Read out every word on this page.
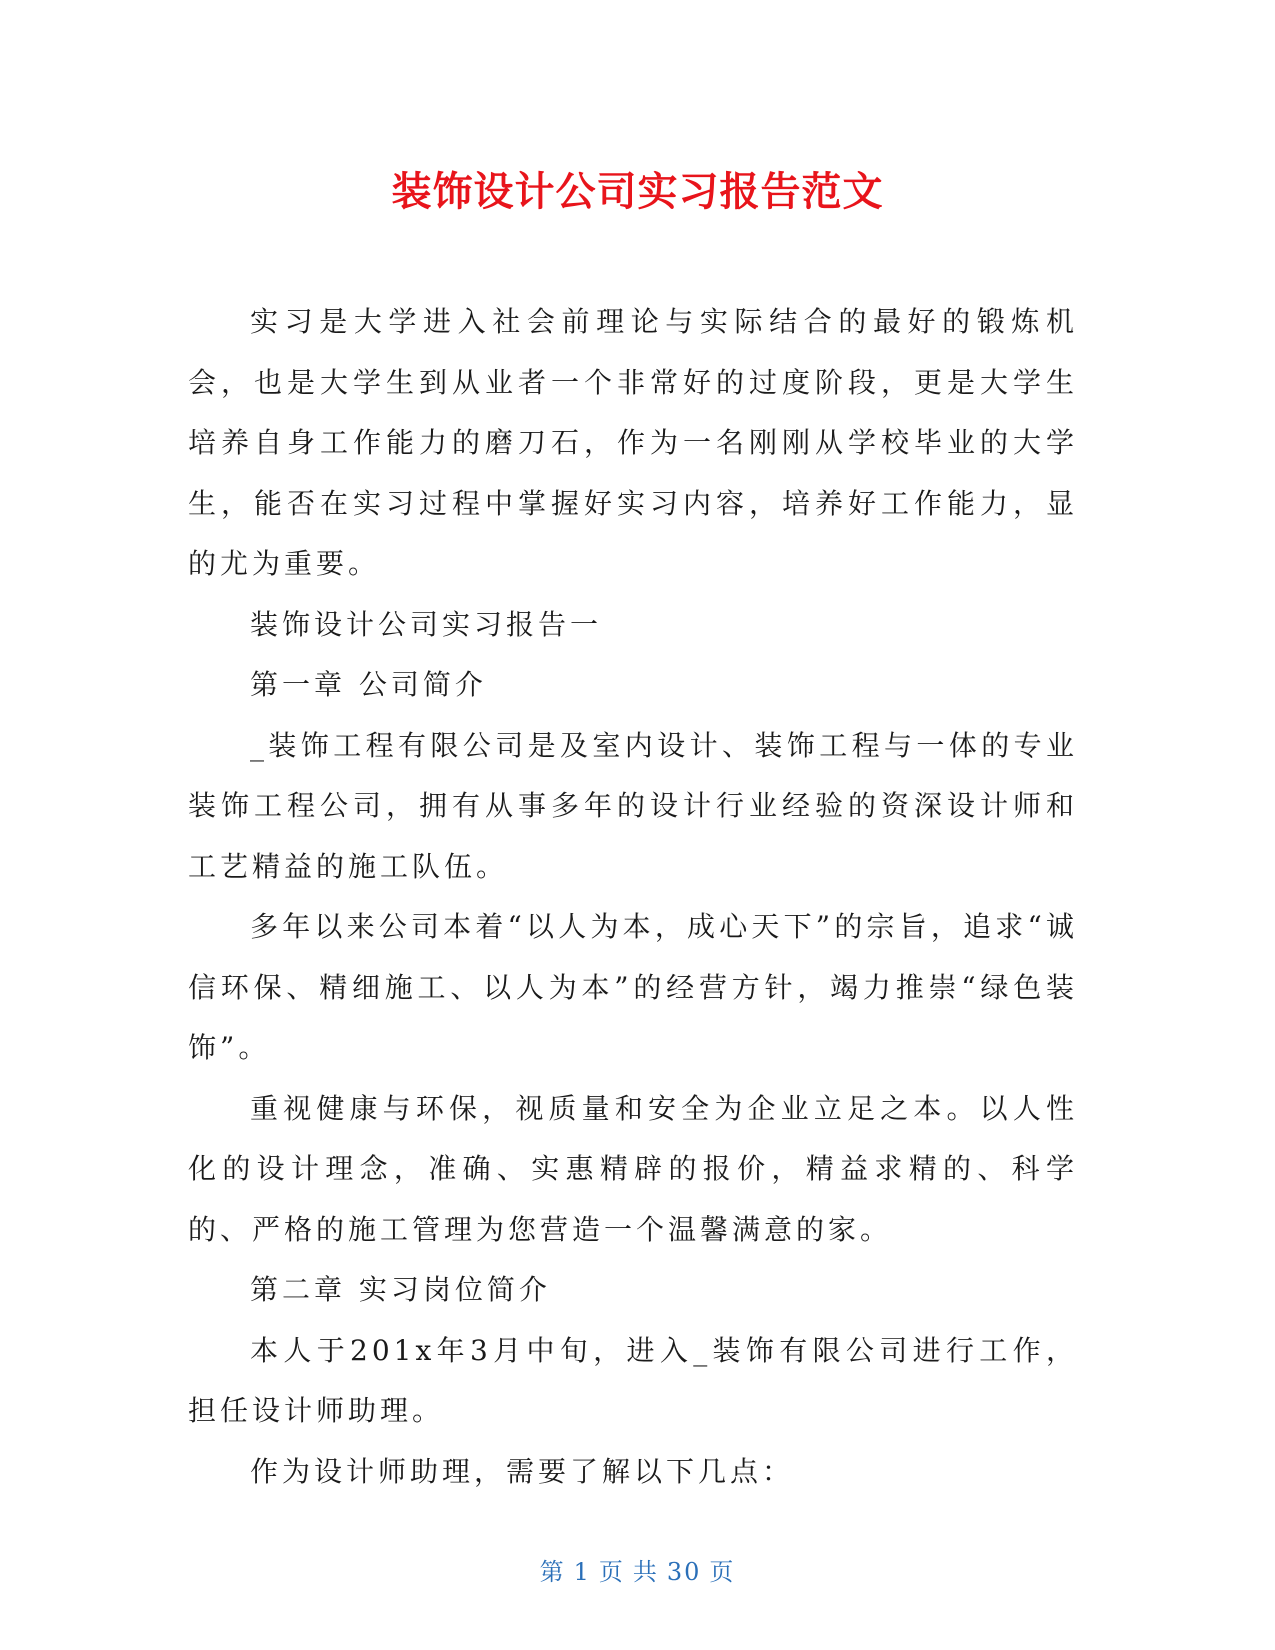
装饰设计公司实习报告范文

实习是大学进入社会前理论与实际结合的最好的锻炼机会，也是大学生到从业者一个非常好的过度阶段，更是大学生培养自身工作能力的磨刀石，作为一名刚刚从学校毕业的大学生，能否在实习过程中掌握好实习内容，培养好工作能力，显的尤为重要。

装饰设计公司实习报告一

第一章 公司简介

_装饰工程有限公司是及室内设计、装饰工程与一体的专业装饰工程公司，拥有从事多年的设计行业经验的资深设计师和工艺精益的施工队伍。

多年以来公司本着“以人为本，成心天下”的宗旨，追求“诚信环保、精细施工、以人为本”的经营方针，竭力推崇“绿色装饰”。

重视健康与环保，视质量和安全为企业立足之本。以人性化的设计理念，准确、实惠精辟的报价，精益求精的、科学的、严格的施工管理为您营造一个温馨满意的家。

第二章 实习岗位简介

本人于201x年3月中旬，进入_装饰有限公司进行工作，担任设计师助理。

作为设计师助理，需要了解以下几点：

第 1 页 共 30 页
